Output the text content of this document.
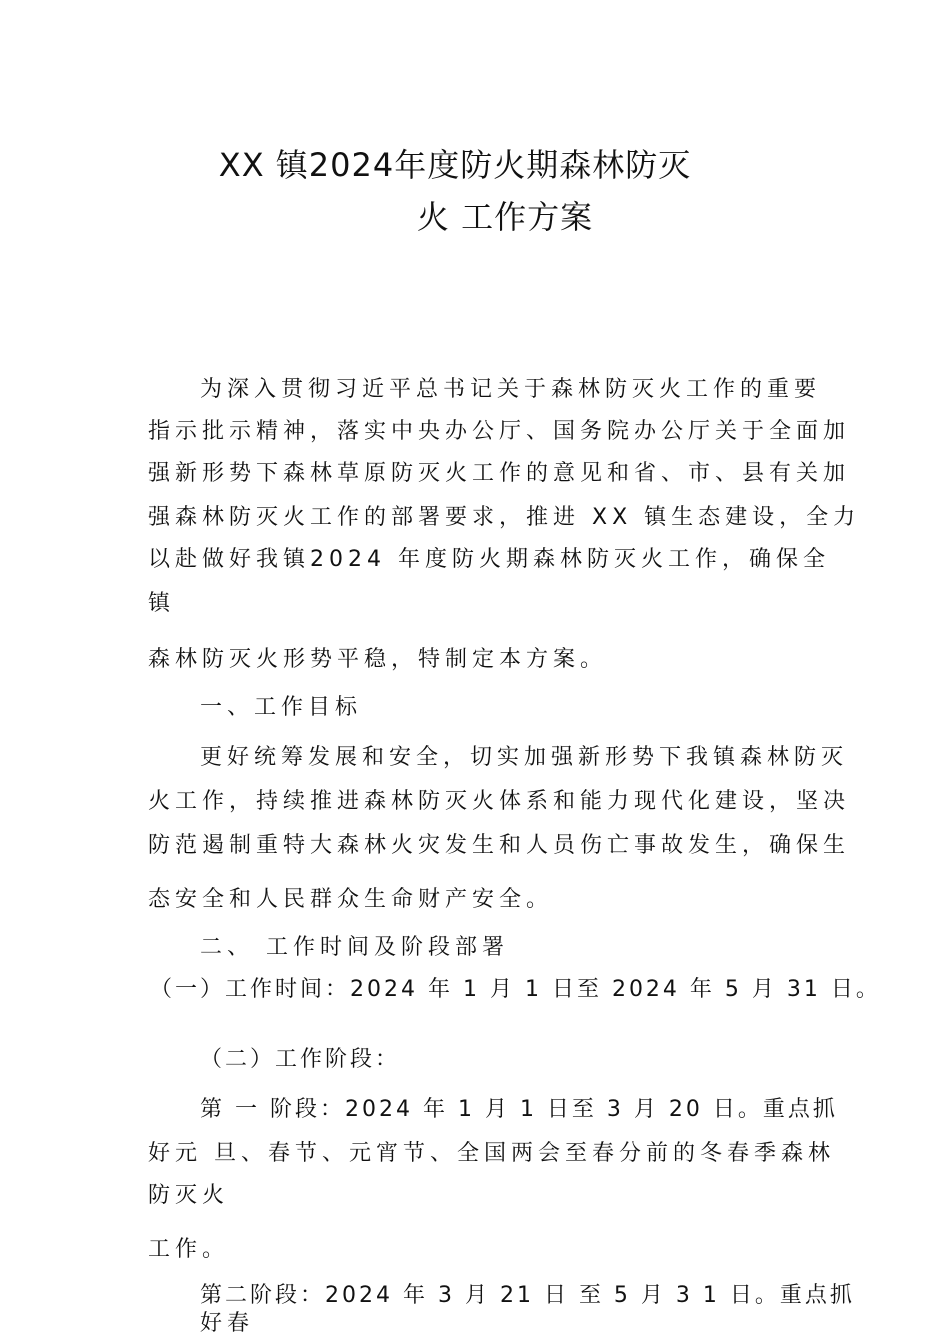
XX 镇2024年度防火期森林防灭
火 工作方案

为深入贯彻习近平总书记关于森林防灭火工作的重要

指示批示精神，落实中央办公厅、国务院办公厅关于全面加

强新形势下森林草原防灭火工作的意见和省、市、县有关加

强森林防灭火工作的部署要求，推进 XX 镇生态建设，全力

以赴做好我镇2024 年度防火期森林防灭火工作，确保全

镇

森林防灭火形势平稳，特制定本方案。

一、工作目标

更好统筹发展和安全，切实加强新形势下我镇森林防灭

火工作，持续推进森林防灭火体系和能力现代化建设，坚决

防范遏制重特大森林火灾发生和人员伤亡事故发生，确保生

态安全和人民群众生命财产安全。

二、 工作时间及阶段部署

（一）工作时间：2024 年 1 月 1 日至 2024 年 5 月 31 日。

（二）工作阶段：

第 一 阶段：2024 年 1 月 1 日至 3 月 20 日。重点抓

好元 旦、春节、元宵节、全国两会至春分前的冬春季森林

防灭火

工作。

第二阶段：2024 年 3 月 21 日 至 5 月 3 1 日。重点抓

好春
